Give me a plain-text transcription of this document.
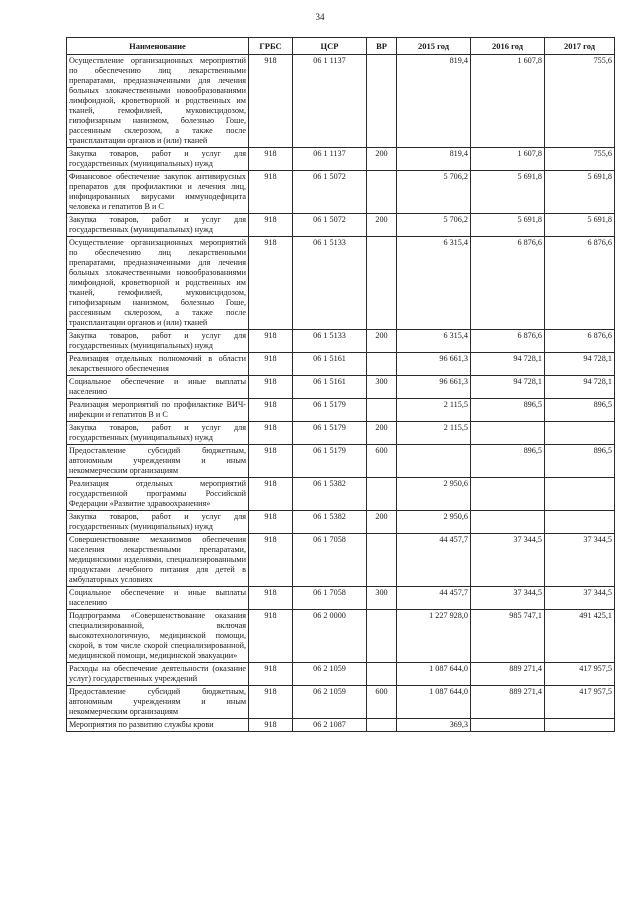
34
Наименование	ГРБС	ЦСР	ВР	2015 год	2016 год	2017 год
Осуществление организационных мероприятий по обеспечению лиц лекарственными препаратами, предназначенными для лечения больных злокачественными новообразованиями лимфоидной, кроветворной и родственных им тканей, гемофилией, муковисцидозом, гипофизарным нанизмом, болезнью Гоше, рассеянным склерозом, а также после трансплантации органов и (или) тканей	918	06 1 1137		819,4	1 607,8	755,6
Закупка товаров, работ и услуг для государственных (муниципальных) нужд	918	06 1 1137	200	819,4	1 607,8	755,6
Финансовое обеспечение закупок антивирусных препаратов для профилактики и лечения лиц, инфицированных вирусами иммунодефицита человека и гепатитов В и С	918	06 1 5072		5 706,2	5 691,8	5 691,8
Закупка товаров, работ и услуг для государственных (муниципальных) нужд	918	06 1 5072	200	5 706,2	5 691,8	5 691,8
Осуществление организационных мероприятий по обеспечению лиц лекарственными препаратами, предназначенными для лечения больных злокачественными новообразованиями лимфоидной, кроветворной и родственных им тканей, гемофилией, муковисцидозом, гипофизарным нанизмом, болезнью Гоше, рассеянным склерозом, а также после трансплантации органов и (или) тканей	918	06 1 5133		6 315,4	6 876,6	6 876,6
Закупка товаров, работ и услуг для государственных (муниципальных) нужд	918	06 1 5133	200	6 315,4	6 876,6	6 876,6
Реализация отдельных полномочий в области лекарственного обеспечения	918	06 1 5161		96 661,3	94 728,1	94 728,1
Социальное обеспечение и иные выплаты населению	918	06 1 5161	300	96 661,3	94 728,1	94 728,1
Реализация мероприятий по профилактике ВИЧ-инфекции и гепатитов В и С	918	06 1 5179		2 115,5	896,5	896,5
Закупка товаров, работ и услуг для государственных (муниципальных) нужд	918	06 1 5179	200	2 115,5		
Предоставление субсидий бюджетным, автономным учреждениям и иным некоммерческим организациям	918	06 1 5179	600		896,5	896,5
Реализация отдельных мероприятий государственной программы Российской Федерации «Развитие здравоохранения»	918	06 1 5382		2 950,6		
Закупка товаров, работ и услуг для государственных (муниципальных) нужд	918	06 1 5382	200	2 950,6		
Совершенствование механизмов обеспечения населения лекарственными препаратами, медицинскими изделиями, специализированными продуктами лечебного питания для детей в амбулаторных условиях	918	06 1 7058		44 457,7	37 344,5	37 344,5
Социальное обеспечение и иные выплаты населению	918	06 1 7058	300	44 457,7	37 344,5	37 344,5
Подпрограмма «Совершенствование оказания специализированной, включая высокотехнологичную, медицинской помощи, скорой, в том числе скорой специализированной, медицинской помощи, медицинской эвакуации»	918	06 2 0000		1 227 928,0	985 747,1	491 425,1
Расходы на обеспечение деятельности (оказание услуг) государственных учреждений	918	06 2 1059		1 087 644,0	889 271,4	417 957,5
Предоставление субсидий бюджетным, автономным учреждениям и иным некоммерческим организациям	918	06 2 1059	600	1 087 644,0	889 271,4	417 957,5
Мероприятия по развитию службы крови	918	06 2 1087		369,3		
